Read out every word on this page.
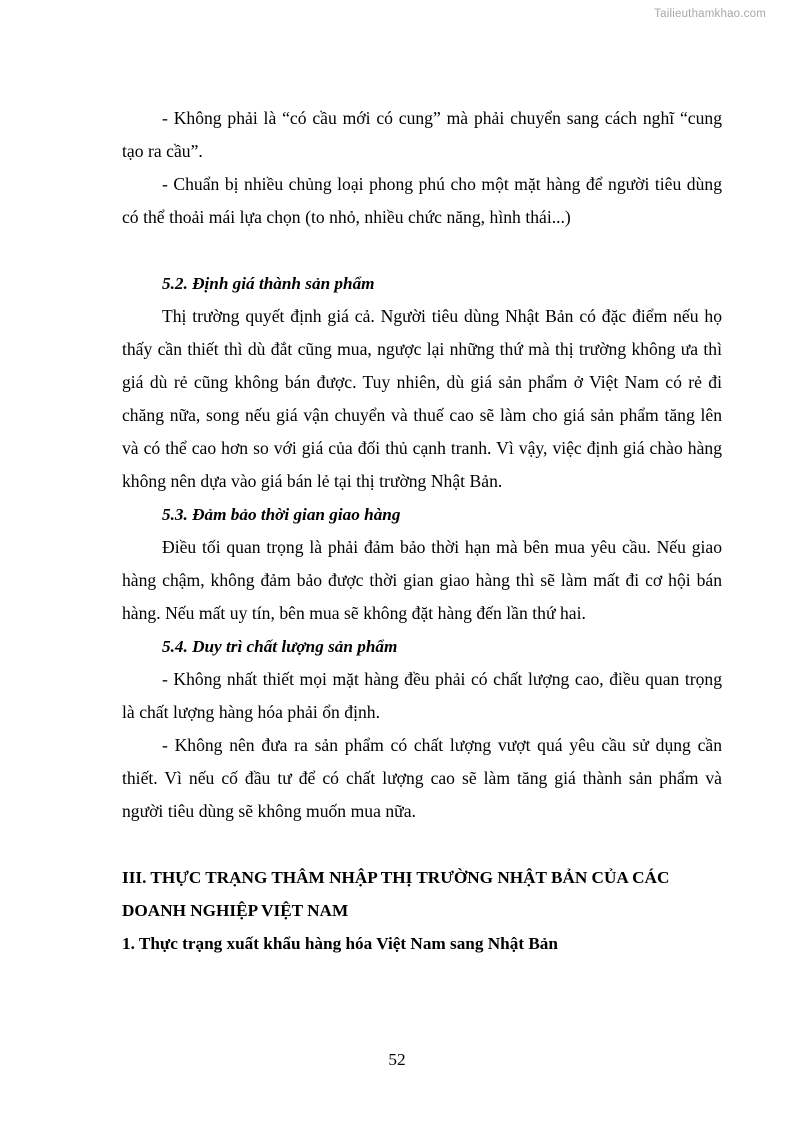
Tailieuthamkhao.com

- Không phải là “có cầu mới có cung” mà phải chuyển sang cách nghĩ “cung tạo ra cầu”.

- Chuẩn bị nhiều chủng loại phong phú cho một mặt hàng để người tiêu dùng có thể thoải mái lựa chọn (to nhỏ, nhiều chức năng, hình thái...)

5.2. Định giá thành sản phẩm

Thị trường quyết định giá cả. Người tiêu dùng Nhật Bản có đặc điểm nếu họ thấy cần thiết thì dù đắt cũng mua, ngược lại những thứ mà thị trường không ưa thì giá dù rẻ cũng không bán được. Tuy nhiên, dù giá sản phẩm ở Việt Nam có rẻ đi chăng nữa, song nếu giá vận chuyển và thuế cao sẽ làm cho giá sản phẩm tăng lên và có thể cao hơn so với giá của đối thủ cạnh tranh. Vì vậy, việc định giá chào hàng không nên dựa vào giá bán lẻ tại thị trường Nhật Bản.

5.3. Đảm bảo thời gian giao hàng

Điều tối quan trọng là phải đảm bảo thời hạn mà bên mua yêu cầu. Nếu giao hàng chậm, không đảm bảo được thời gian giao hàng thì sẽ làm mất đi cơ hội bán hàng. Nếu mất uy tín, bên mua sẽ không đặt hàng đến lần thứ hai.

5.4. Duy trì chất lượng sản phẩm

- Không nhất thiết mọi mặt hàng đều phải có chất lượng cao, điều quan trọng là chất lượng hàng hóa phải ổn định.

- Không nên đưa ra sản phẩm có chất lượng vượt quá yêu cầu sử dụng cần thiết. Vì nếu cố đầu tư để có chất lượng cao sẽ làm tăng giá thành sản phẩm và người tiêu dùng sẽ không muốn mua nữa.

III. THỰC TRẠNG THÂM NHẬP THỊ TRƯỜNG NHẬT BẢN CỦA CÁC

DOANH NGHIỆP VIỆT NAM

1. Thực trạng xuất khẩu hàng hóa Việt Nam sang Nhật Bản

52
